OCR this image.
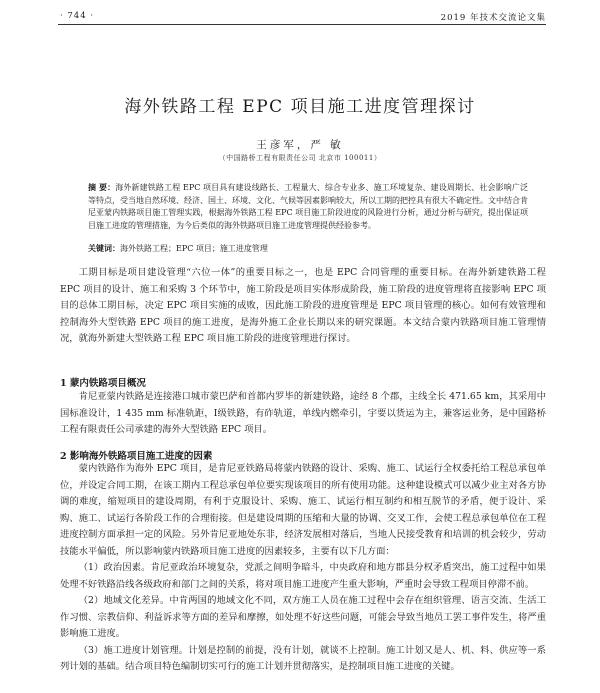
· 744 ·	2019 年技术交流论文集
海外铁路工程 EPC 项目施工进度管理探讨
王彦军，严 敏
（中国路桥工程有限责任公司 北京市 100011）
摘 要：海外新建铁路工程 EPC 项目具有建设线路长、工程量大、综合专业多、施工环境复杂、建设周期长、社会影响广泛等特点，受当地自然环境、经济、国土、环境、文化、气候等因素影响较大，所以工期的把控具有很大不确定性。文中结合肯尼亚蒙内铁路项目施工管理实践，根据海外铁路工程 EPC 项目施工阶段进度的风险进行分析，通过分析与研究，提出保证项目施工进度的管理措施，为今后类似的海外铁路项目施工进度管理提供经验参考。
关键词：海外铁路工程；EPC 项目；施工进度管理

工期目标是项目建设管理“六位一体”的重要目标之一，也是 EPC 合同管理的重要目标。在海外新建铁路工程 EPC 项目的设计、施工和采购 3 个环节中，施工阶段是项目实体形成阶段，施工阶段的进度管理将直接影响 EPC 项目的总体工期目标，决定 EPC 项目实施的成败，因此施工阶段的进度管理是 EPC 项目管理的核心。如何有效管理和控制海外大型铁路 EPC 项目的施工进度，是海外施工企业长期以来的研究课题。本文结合蒙内铁路项目施工管理情况，就海外新建大型铁路工程 EPC 项目施工阶段的进度管理进行探讨。

1 蒙内铁路项目概况

肯尼亚蒙内铁路是连接港口城市蒙巴萨和首都内罗毕的新建铁路，途经 8 个郡，主线全长 471.65 km，其采用中国标准设计，1 435 mm 标准轨距，Ⅰ级铁路，有砟轨道，单线内燃牵引，宇要以货运为主，兼客运业务，是中国路桥工程有限责任公司承建的海外大型铁路 EPC 项目。

2 影响海外铁路项目施工进度的因素

蒙内铁路作为海外 EPC 项目，是肯尼亚铁路局将蒙内铁路的设计、采购、施工、试运行全权委托给工程总承包单位，并设定合同工期，在该工期内工程总承包单位要实现该项目的所有使用功能。这种建设模式可以减少业主对各方协调的难度，缩短项目的建设周期，有利于克服设计、采购、施工、试运行相互制约和相互脱节的矛盾，便于设计、采购、施工、试运行各阶段工作的合理衔接。但是建设周期的压缩和大量的协调、交叉工作，会使工程总承包单位在工程进度控制方面承担一定的风险。另外肯尼亚地处东非，经济发展相对落后，当地人民接受教育和培训的机会较少，劳动技能水平偏低，所以影响蒙内铁路项目施工进度的因素较多，主要有以下几方面：

（1）政治因素。肯尼亚政治环境复杂，党派之间明争暗斗，中央政府和地方郡县分权矛盾突出，施工过程中如果处理不好铁路沿线各级政府和部门之间的关系，将对项目施工进度产生重大影响，严重时会导致工程项目停滞不前。

（2）地域文化差异。中肯两国的地域文化不同，双方施工人员在施工过程中会存在组织管理、语言交流、生活工作习惯、宗教信仰、利益诉求等方面的差异和摩擦，如处理不好这些问题，可能会导致当地员工罢工事件发生，将严重影响施工进度。

（3）施工进度计划管理。计划是控制的前提，没有计划，就谈不上控制。施工计划又是人、机、料、供应等一系列计划的基础。结合项目特色编制切实可行的施工计划并贯彻落实，是控制项目施工进度的关键。
